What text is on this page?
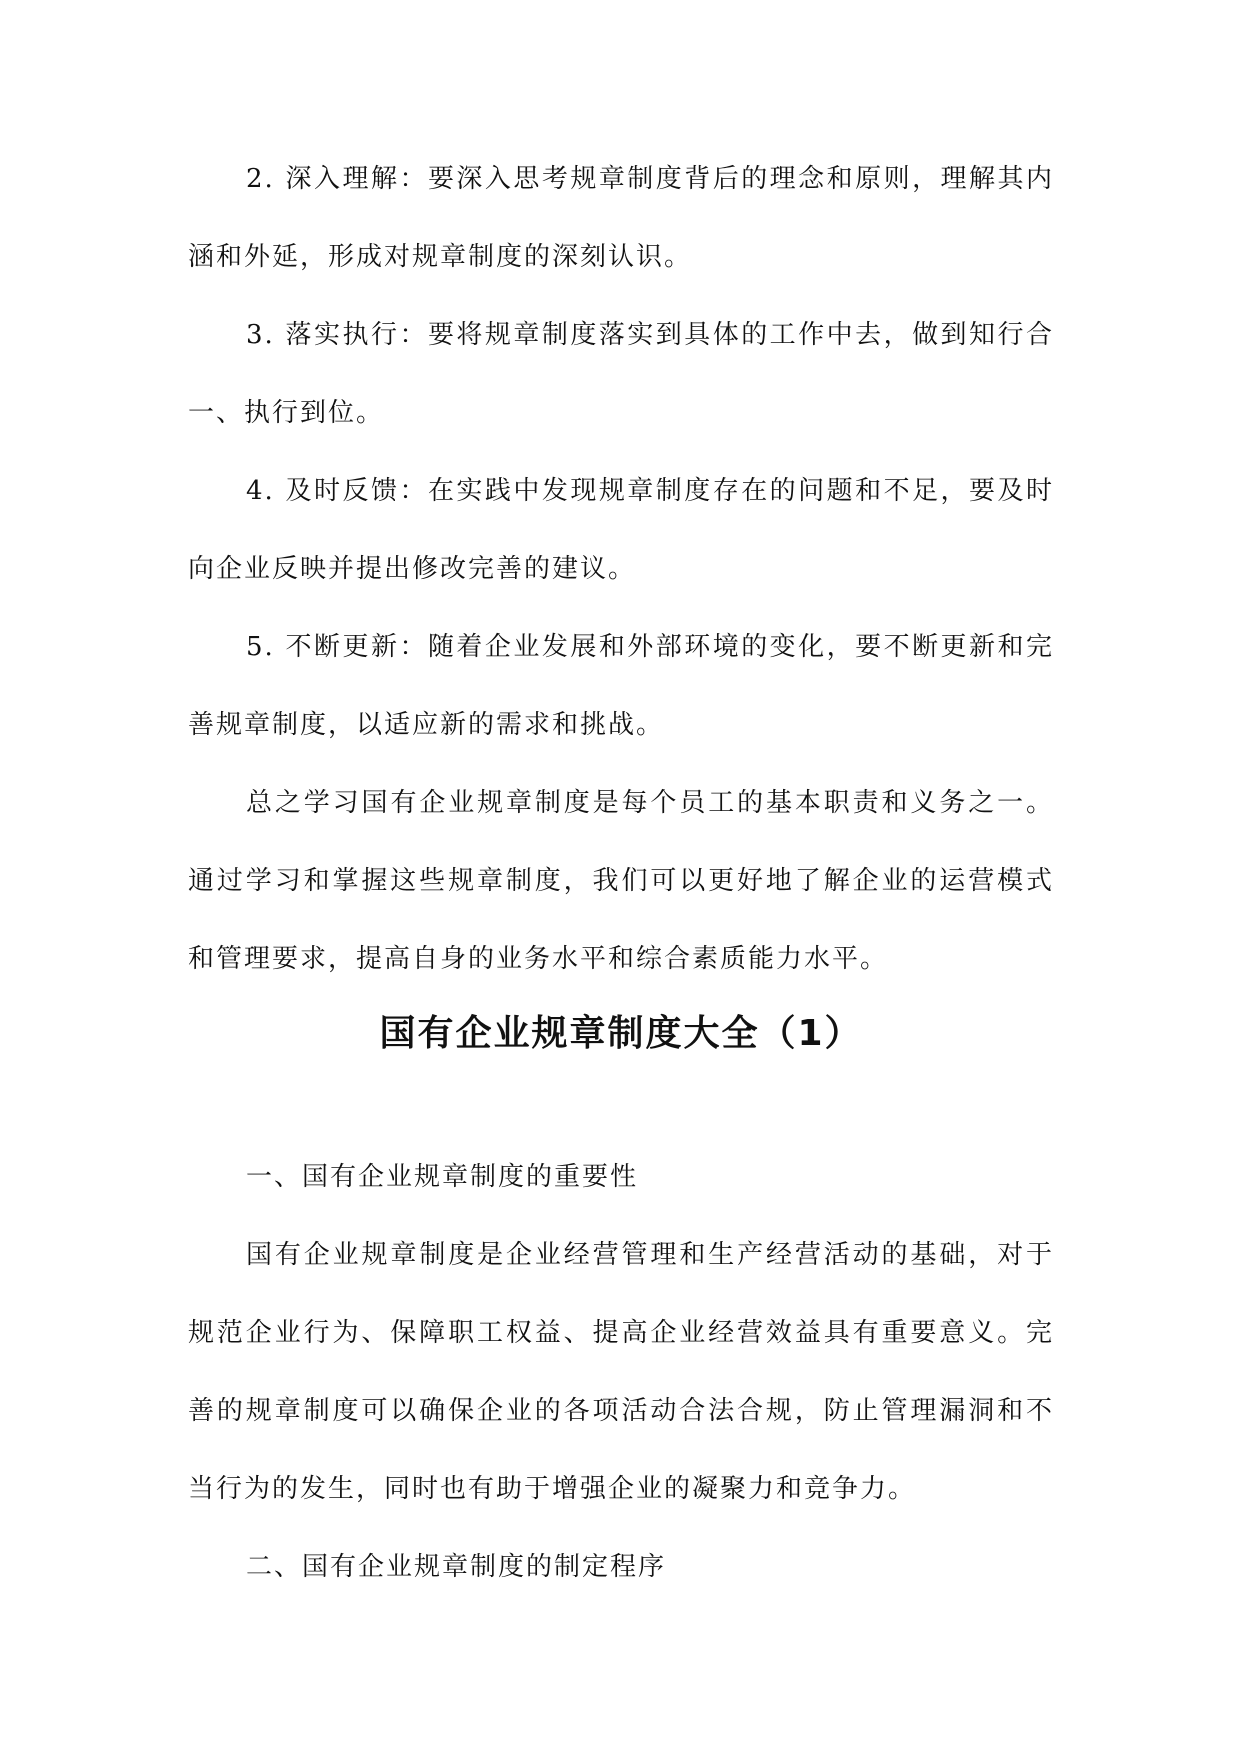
2. 深入理解：要深入思考规章制度背后的理念和原则，理解其内涵和外延，形成对规章制度的深刻认识。

3. 落实执行：要将规章制度落实到具体的工作中去，做到知行合一、执行到位。

4. 及时反馈：在实践中发现规章制度存在的问题和不足，要及时向企业反映并提出修改完善的建议。

5. 不断更新：随着企业发展和外部环境的变化，要不断更新和完善规章制度，以适应新的需求和挑战。

总之学习国有企业规章制度是每个员工的基本职责和义务之一。通过学习和掌握这些规章制度，我们可以更好地了解企业的运营模式和管理要求，提高自身的业务水平和综合素质能力水平。

国有企业规章制度大全（1）

一、国有企业规章制度的重要性

国有企业规章制度是企业经营管理和生产经营活动的基础，对于规范企业行为、保障职工权益、提高企业经营效益具有重要意义。完善的规章制度可以确保企业的各项活动合法合规，防止管理漏洞和不当行为的发生，同时也有助于增强企业的凝聚力和竞争力。

二、国有企业规章制度的制定程序
